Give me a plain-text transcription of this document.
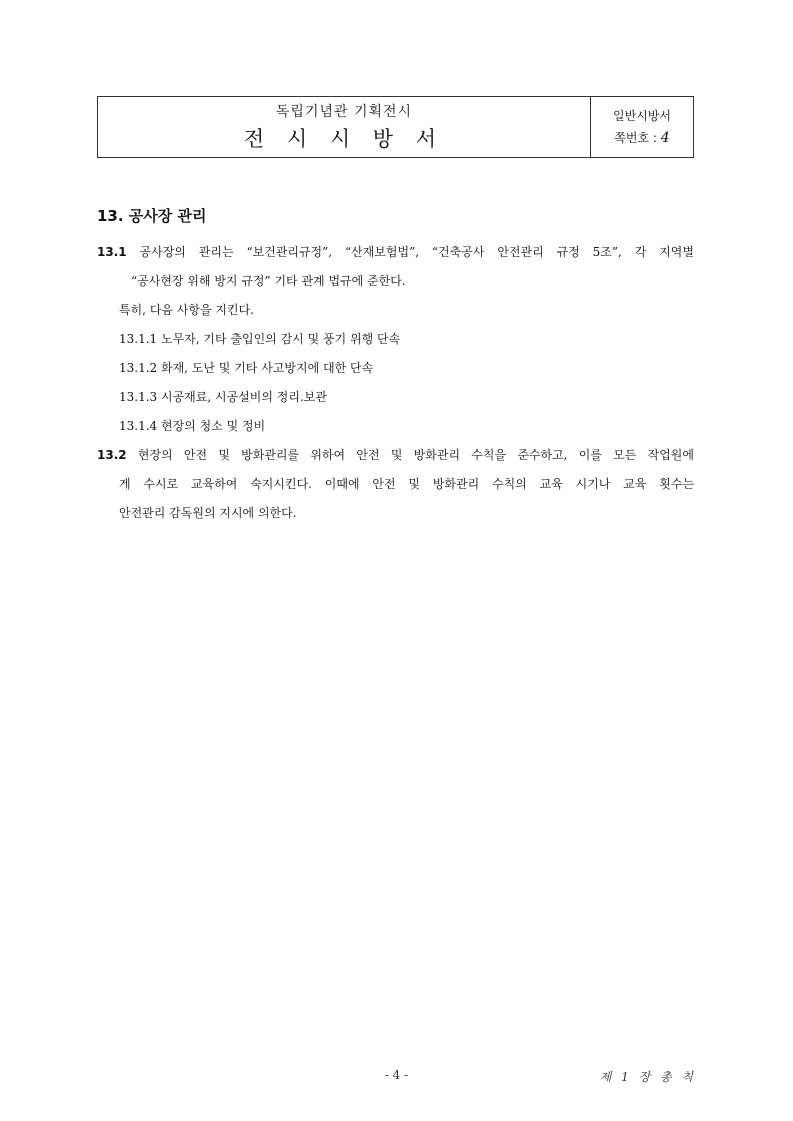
독립기념관 기획전시
전 시 시 방 서
일반시방서
쪽번호 : 4
13. 공사장 관리
13.1 공사장의 관리는 “보건관리규정”, “산재보험법”, “건축공사 안전관리 규정 5조”, 각 지역별
“공사현장 위해 방지 규정” 기타 관계 법규에 준한다.
특히, 다음 사항을 지킨다.
13.1.1 노무자, 기타 출입인의 감시 및 풍기 위행 단속
13.1.2 화재, 도난 및 기타 사고방지에 대한 단속
13.1.3 시공재료, 시공설비의 정리.보관
13.1.4 현장의 청소 및 정비
13.2 현장의 안전 및 방화관리를 위하여 안전 및 방화관리 수칙을 준수하고, 이를 모든 작업원에
게 수시로 교육하여 숙지시킨다. 이때에 안전 및 방화관리 수칙의 교육 시기나 교육 횟수는
안전관리 감독원의 지시에 의한다.
- 4 -	제 1 장 총 칙
